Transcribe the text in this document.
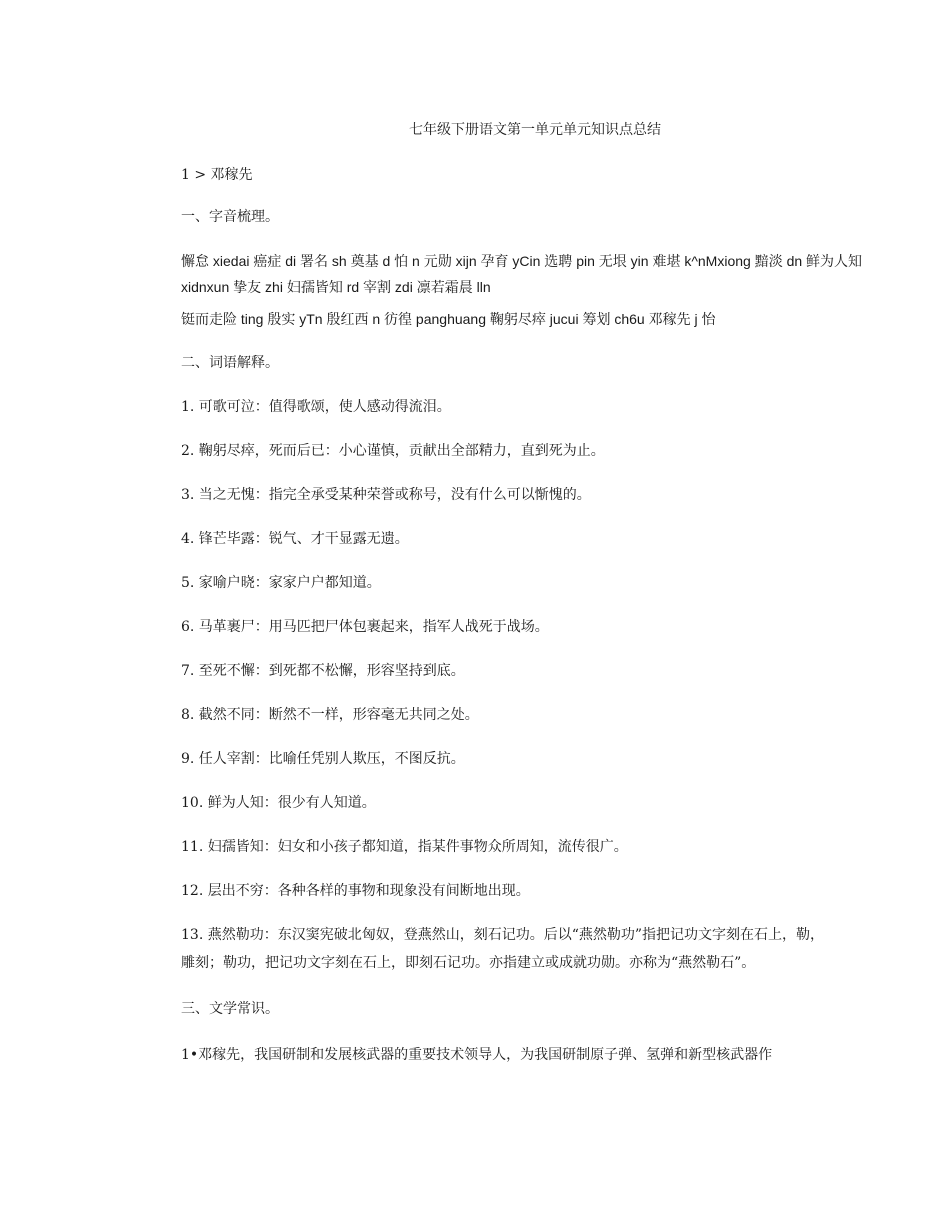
七年级下册语文第一单元单元知识点总结
1 > 邓稼先
一、字音梳理。
懈怠 xiedai 癌症 di 署名 sh 奠基 d 怕 n 元勋 xijn 孕育 yCin 选聘 pin 无垠 yin 难堪 k^nMxiong 黯淡 dn 鲜为人知
xidnxun 挚友 zhi 妇孺皆知 rd 宰割 zdi 凛若霜晨 lln
铤而走险 ting 殷实 yTn 殷红西 n 彷徨 panghuang 鞠躬尽瘁 jucui 筹划 ch6u 邓稼先 j 怡
二、词语解释。
1. 可歌可泣：值得歌颂，使人感动得流泪。
2. 鞠躬尽瘁，死而后已：小心谨慎，贡献出全部精力，直到死为止。
3. 当之无愧：指完全承受某种荣誉或称号，没有什么可以惭愧的。
4. 锋芒毕露：锐气、才干显露无遗。
5. 家喻户晓：家家户户都知道。
6. 马革裹尸：用马匹把尸体包裹起来，指军人战死于战场。
7. 至死不懈：到死都不松懈，形容坚持到底。
8. 截然不同：断然不一样，形容毫无共同之处。
9. 任人宰割：比喻任凭别人欺压，不图反抗。
10. 鲜为人知：很少有人知道。
11. 妇孺皆知：妇女和小孩子都知道，指某件事物众所周知，流传很广。
12. 层出不穷：各种各样的事物和现象没有间断地出现。
13. 燕然勒功：东汉窦宪破北匈奴，登燕然山，刻石记功。后以“燕然勒功”指把记功文字刻在石上，勒，
雕刻；勒功，把记功文字刻在石上，即刻石记功。亦指建立或成就功勋。亦称为“燕然勒石”。
三、文学常识。
1•邓稼先，我国研制和发展核武器的重要技术领导人，为我国研制原子弹、氢弹和新型核武器作
